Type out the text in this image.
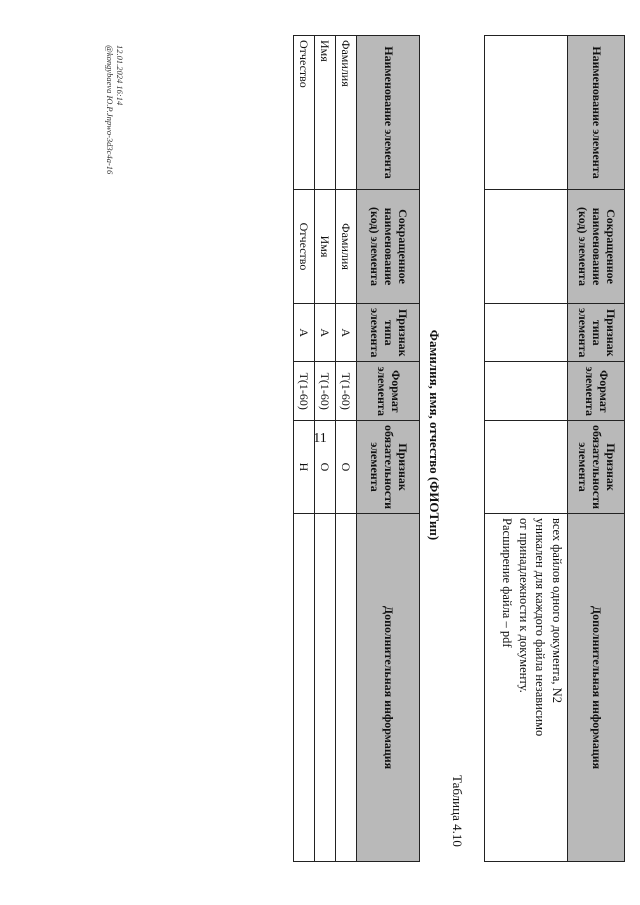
11
Наименование элемента	Сокращенное наименование (код) элемента	Признак типа элемента	Формат элемента	Признак обязательности элемента	Дополнительная информация

					всех файлов одного документа, N2
уникален для каждого файла независимо
от принадлежности к документу.
Расширение файла – pdf
Таблица 4.10
Фамилия, имя, отчество (ФИОТип)
Наименование элемента	Сокращенное наименование (код) элемента	Признак типа элемента	Формат элемента	Признак обязательности элемента	Дополнительная информация
Фамилия	Фамилия	А	T(1-60)	О	
Имя	Имя	А	T(1-60)	О	
Отчество	Отчество	А	T(1-60)	Н	
12.01.2024 16:14
@kongybaeva Ю.Р.Jnpwo-3d3c4a-16
